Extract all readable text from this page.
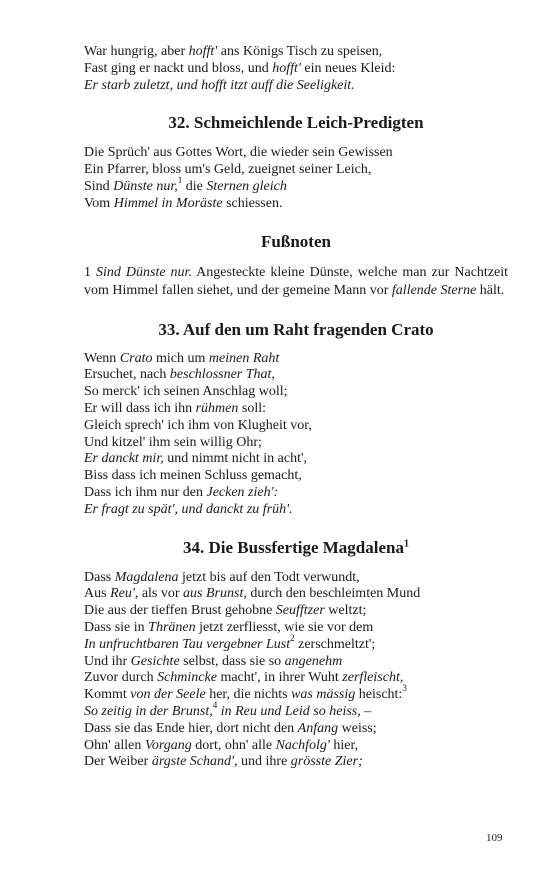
War hungrig, aber hofft' ans Königs Tisch zu speisen,
Fast ging er nackt und bloss, und hofft' ein neues Kleid:
Er starb zuletzt, und hofft itzt auff die Seeligkeit.
32. Schmeichlende Leich-Predigten
Die Sprüch' aus Gottes Wort, die wieder sein Gewissen
Ein Pfarrer, bloss um's Geld, zueignet seiner Leich,
Sind Dünste nur,$^1$ die Sternen gleich
Vom Himmel in Moräste schiessen.
Fußnoten
1 Sind Dünste nur. Angesteckte kleine Dünste, welche man zur Nachtzeit vom Himmel fallen siehet, und der gemeine Mann vor fallende Sterne hält.
33. Auf den um Raht fragenden Crato
Wenn Crato mich um meinen Raht
Ersuchet, nach beschlossner That,
So merck' ich seinen Anschlag woll;
Er will dass ich ihn rühmen soll:
Gleich sprech' ich ihm von Klugheit vor,
Und kitzel' ihm sein willig Ohr;
Er danckt mir, und nimmt nicht in acht',
Biss dass ich meinen Schluss gemacht,
Dass ich ihm nur den Jecken zieh':
Er fragt zu spät', und danckt zu früh'.
34. Die Bussfertige Magdalena$^1$
Dass Magdalena jetzt bis auf den Todt verwundt,
Aus Reu', als vor aus Brunst, durch den beschleimten Mund
Die aus der tieffen Brust gehobne Seufftzer weltzt;
Dass sie in Thränen jetzt zerfliesst, wie sie vor dem
In unfruchtbaren Tau vergebner Lust$^2$ zerschmeltzt';
Und ihr Gesichte selbst, dass sie so angenehm
Zuvor durch Schmincke macht', in ihrer Wuht zerfleischt,
Kommt von der Seele her, die nichts was mässig heischt:$^3$
So zeitig in der Brunst,$^4$ in Reu und Leid so heiss, –
Dass sie das Ende hier, dort nicht den Anfang weiss;
Ohn' allen Vorgang dort, ohn' alle Nachfolg' hier,
Der Weiber ärgste Schand', und ihre grösste Zier;
109
